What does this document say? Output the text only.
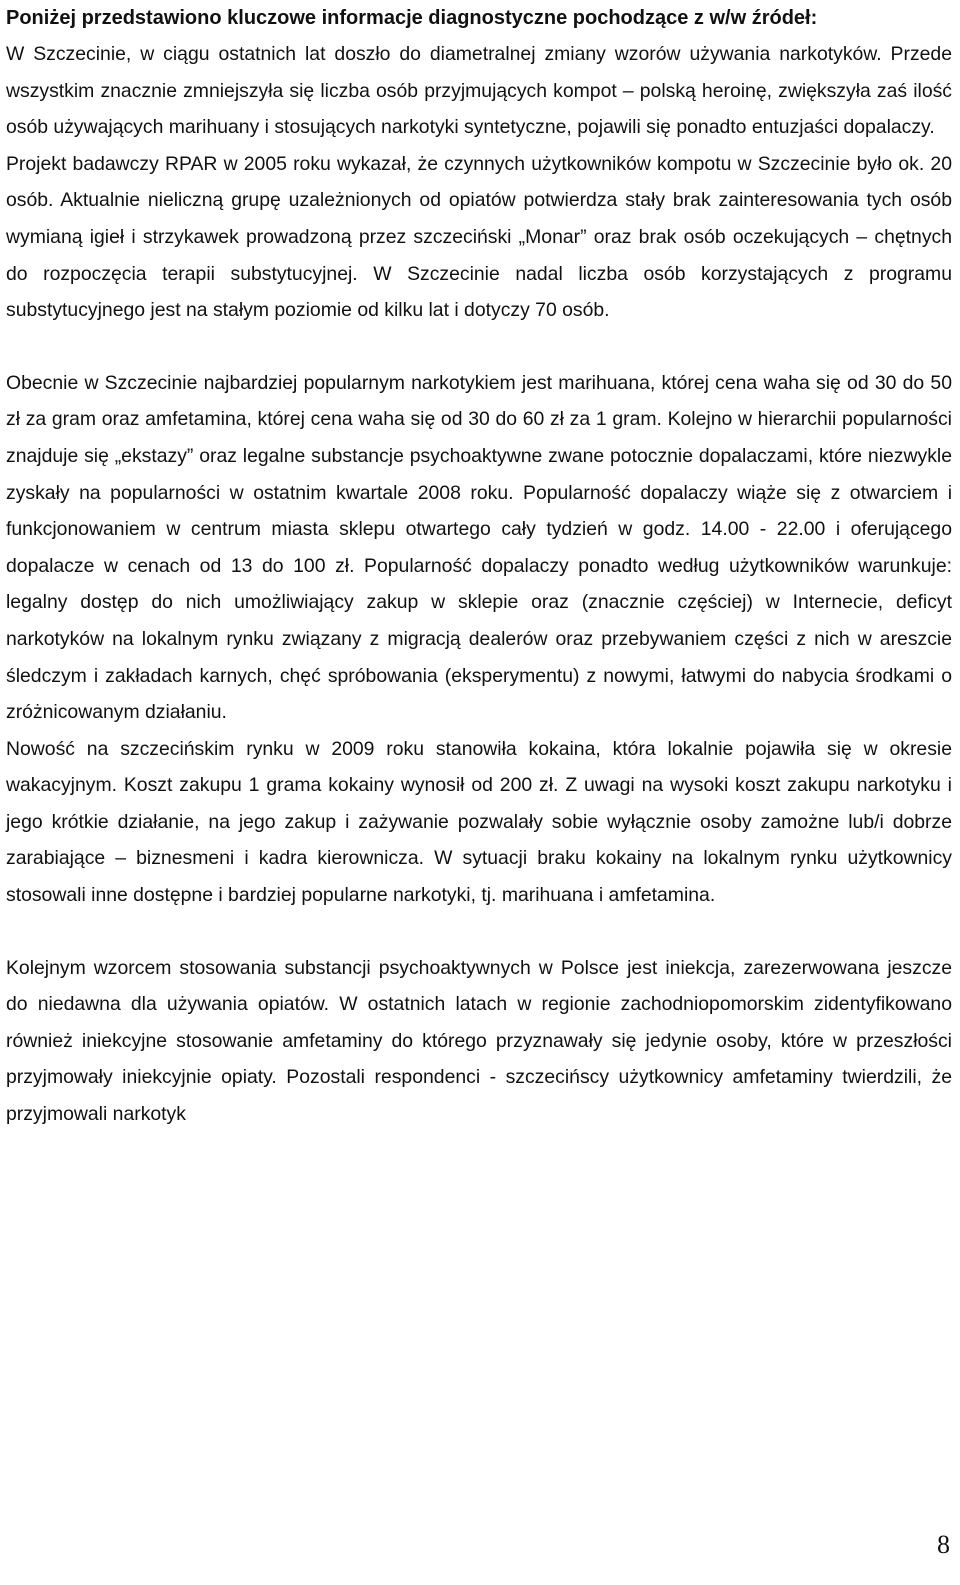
Poniżej przedstawiono kluczowe informacje diagnostyczne pochodzące z w/w źródeł:

W Szczecinie, w ciągu ostatnich lat doszło do diametralnej zmiany wzorów używania narkotyków. Przede wszystkim znacznie zmniejszyła się liczba osób przyjmujących kompot – polską heroinę, zwiększyła zaś ilość osób używających marihuany i stosujących narkotyki syntetyczne, pojawili się ponadto entuzjaści dopalaczy.

Projekt badawczy RPAR w 2005 roku wykazał, że czynnych użytkowników kompotu w Szczecinie było ok. 20 osób. Aktualnie nieliczną grupę uzależnionych od opiatów potwierdza stały brak zainteresowania tych osób wymianą igieł i strzykawek prowadzoną przez szczeciński „Monar” oraz brak osób oczekujących – chętnych do rozpoczęcia terapii substytucyjnej. W Szczecinie nadal liczba osób korzystających z programu substytucyjnego jest na stałym poziomie od kilku lat i dotyczy 70 osób.

Obecnie w Szczecinie najbardziej popularnym narkotykiem jest marihuana, której cena waha się od 30 do 50 zł za gram oraz amfetamina, której cena waha się od 30 do 60 zł za 1 gram. Kolejno w hierarchii popularności znajduje się „ekstazy” oraz legalne substancje psychoaktywne zwane potocznie dopalaczami, które niezwykle zyskały na popularności w ostatnim kwartale 2008 roku. Popularność dopalaczy wiąże się z otwarciem i funkcjonowaniem w centrum miasta sklepu otwartego cały tydzień w godz. 14.00 - 22.00 i oferującego dopalacze w cenach od 13 do 100 zł. Popularność dopalaczy ponadto według użytkowników warunkuje: legalny dostęp do nich umożliwiający zakup w sklepie oraz (znacznie częściej) w Internecie, deficyt narkotyków na lokalnym rynku związany z migracją dealerów oraz przebywaniem części z nich w areszcie śledczym i zakładach karnych, chęć spróbowania (eksperymentu) z nowymi, łatwymi do nabycia środkami o zróżnicowanym działaniu.

Nowość na szczecińskim rynku w 2009 roku stanowiła kokaina, która lokalnie pojawiła się w okresie wakacyjnym. Koszt zakupu 1 grama kokainy wynosił od 200 zł. Z uwagi na wysoki koszt zakupu narkotyku i jego krótkie działanie, na jego zakup i zażywanie pozwalały sobie wyłącznie osoby zamożne lub/i dobrze zarabiające – biznesmeni i kadra kierownicza. W sytuacji braku kokainy na lokalnym rynku użytkownicy stosowali inne dostępne i bardziej popularne narkotyki, tj. marihuana i amfetamina.

Kolejnym wzorcem stosowania substancji psychoaktywnych w Polsce jest iniekcja, zarezerwowana jeszcze do niedawna dla używania opiatów. W ostatnich latach w regionie zachodniopomorskim zidentyfikowano również iniekcyjne stosowanie amfetaminy do którego przyznawały się jedynie osoby, które w przeszłości przyjmowały iniekcyjnie opiaty. Pozostali respondenci - szczecińscy użytkownicy amfetaminy twierdzili, że przyjmowali narkotyk

8
